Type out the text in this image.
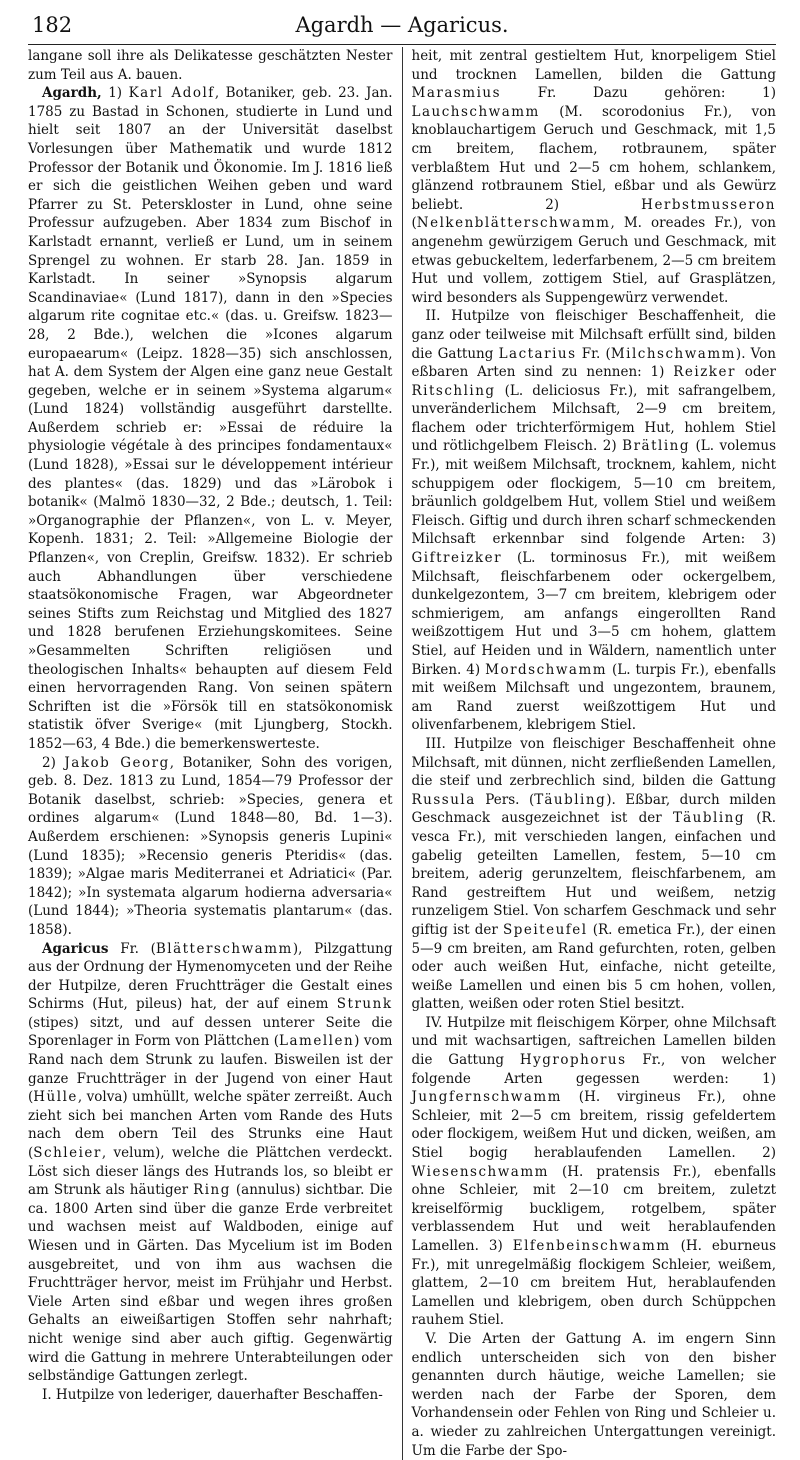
182	Agardh — Agaricus.

langane soll ihre als Delikatesse geschätzten Nester zum Teil aus A. bauen.

Agardh, 1) Karl Adolf, Botaniker, geb. 23. Jan. 1785 zu Bastad in Schonen, studierte in Lund und hielt seit 1807 an der Universität daselbst Vorlesungen über Mathematik und wurde 1812 Professor der Botanik und Ökonomie. Im J. 1816 ließ er sich die geistlichen Weihen geben und ward Pfarrer zu St. Peterskloster in Lund, ohne seine Professur aufzugeben. Aber 1834 zum Bischof in Karlstadt ernannt, verließ er Lund, um in seinem Sprengel zu wohnen. Er starb 28. Jan. 1859 in Karlstadt. In seiner »Synopsis algarum Scandinaviae« (Lund 1817), dann in den »Species algarum rite cognitae etc.« (das. u. Greifsw. 1823—28, 2 Bde.), welchen die »Icones algarum europaearum« (Leipz. 1828—35) sich anschlossen, hat A. dem System der Algen eine ganz neue Gestalt gegeben, welche er in seinem »Systema algarum« (Lund 1824) vollständig ausgeführt darstellte. Außerdem schrieb er: »Essai de réduire la physiologie végétale à des principes fondamentaux« (Lund 1828), »Essai sur le développement intérieur des plantes« (das. 1829) und das »Lärobok i botanik« (Malmö 1830—32, 2 Bde.; deutsch, 1. Teil: »Organographie der Pflanzen«, von L. v. Meyer, Kopenh. 1831; 2. Teil: »Allgemeine Biologie der Pflanzen«, von Creplin, Greifsw. 1832). Er schrieb auch Abhandlungen über verschiedene staatsökonomische Fragen, war Abgeordneter seines Stifts zum Reichstag und Mitglied des 1827 und 1828 berufenen Erziehungskomitees. Seine »Gesammelten Schriften religiösen und theologischen Inhalts« behaupten auf diesem Feld einen hervorragenden Rang. Von seinen spätern Schriften ist die »Försök till en statsökonomisk statistik öfver Sverige« (mit Ljungberg, Stockh. 1852—63, 4 Bde.) die bemerkenswerteste.

2) Jakob Georg, Botaniker, Sohn des vorigen, geb. 8. Dez. 1813 zu Lund, 1854—79 Professor der Botanik daselbst, schrieb: »Species, genera et ordines algarum« (Lund 1848—80, Bd. 1—3). Außerdem erschienen: »Synopsis generis Lupini« (Lund 1835); »Recensio generis Pteridis« (das. 1839); »Algae maris Mediterranei et Adriatici« (Par. 1842); »In systemata algarum hodierna adversaria« (Lund 1844); »Theoria systematis plantarum« (das. 1858).

Agaricus Fr. (Blätterschwamm), Pilzgattung aus der Ordnung der Hymenomyceten und der Reihe der Hutpilze, deren Fruchtträger die Gestalt eines Schirms (Hut, pileus) hat, der auf einem Strunk (stipes) sitzt, und auf dessen unterer Seite die Sporenlager in Form von Plättchen (Lamellen) vom Rand nach dem Strunk zu laufen. Bisweilen ist der ganze Fruchtträger in der Jugend von einer Haut (Hülle, volva) umhüllt, welche später zerreißt. Auch zieht sich bei manchen Arten vom Rande des Huts nach dem obern Teil des Strunks eine Haut (Schleier, velum), welche die Plättchen verdeckt. Löst sich dieser längs des Hutrands los, so bleibt er am Strunk als häutiger Ring (annulus) sichtbar. Die ca. 1800 Arten sind über die ganze Erde verbreitet und wachsen meist auf Waldboden, einige auf Wiesen und in Gärten. Das Mycelium ist im Boden ausgebreitet, und von ihm aus wachsen die Fruchtträger hervor, meist im Frühjahr und Herbst. Viele Arten sind eßbar und wegen ihres großen Gehalts an eiweißartigen Stoffen sehr nahrhaft; nicht wenige sind aber auch giftig. Gegenwärtig wird die Gattung in mehrere Unterabteilungen oder selbständige Gattungen zerlegt.

I. Hutpilze von lederiger, dauerhafter Beschaffen-

heit, mit zentral gestieltem Hut, knorpeligem Stiel und trocknen Lamellen, bilden die Gattung Marasmius Fr. Dazu gehören: 1) Lauchschwamm (M. scorodonius Fr.), von knoblauchartigem Geruch und Geschmack, mit 1,5 cm breitem, flachem, rotbraunem, später verblaßtem Hut und 2—5 cm hohem, schlankem, glänzend rotbraunem Stiel, eßbar und als Gewürz beliebt. 2) Herbstmusseron (Nelkenblätterschwamm, M. oreades Fr.), von angenehm gewürzigem Geruch und Geschmack, mit etwas gebuckeltem, lederfarbenem, 2—5 cm breitem Hut und vollem, zottigem Stiel, auf Grasplätzen, wird besonders als Suppengewürz verwendet.

II. Hutpilze von fleischiger Beschaffenheit, die ganz oder teilweise mit Milchsaft erfüllt sind, bilden die Gattung Lactarius Fr. (Milchschwamm). Von eßbaren Arten sind zu nennen: 1) Reizker oder Ritschling (L. deliciosus Fr.), mit safrangelbem, unveränderlichem Milchsaft, 2—9 cm breitem, flachem oder trichterförmigem Hut, hohlem Stiel und rötlichgelbem Fleisch. 2) Brätling (L. volemus Fr.), mit weißem Milchsaft, trocknem, kahlem, nicht schuppigem oder flockigem, 5—10 cm breitem, bräunlich goldgelbem Hut, vollem Stiel und weißem Fleisch. Giftig und durch ihren scharf schmeckenden Milchsaft erkennbar sind folgende Arten: 3) Giftreizker (L. torminosus Fr.), mit weißem Milchsaft, fleischfarbenem oder ockergelbem, dunkelgezontem, 3—7 cm breitem, klebrigem oder schmierigem, am anfangs eingerollten Rand weißzottigem Hut und 3—5 cm hohem, glattem Stiel, auf Heiden und in Wäldern, namentlich unter Birken. 4) Mordschwamm (L. turpis Fr.), ebenfalls mit weißem Milchsaft und ungezontem, braunem, am Rand zuerst weißzottigem Hut und olivenfarbenem, klebrigem Stiel.

III. Hutpilze von fleischiger Beschaffenheit ohne Milchsaft, mit dünnen, nicht zerfließenden Lamellen, die steif und zerbrechlich sind, bilden die Gattung Russula Pers. (Täubling). Eßbar, durch milden Geschmack ausgezeichnet ist der Täubling (R. vesca Fr.), mit verschieden langen, einfachen und gabelig geteilten Lamellen, festem, 5—10 cm breitem, aderig gerunzeltem, fleischfarbenem, am Rand gestreiftem Hut und weißem, netzig runzeligem Stiel. Von scharfem Geschmack und sehr giftig ist der Speiteufel (R. emetica Fr.), der einen 5—9 cm breiten, am Rand gefurchten, roten, gelben oder auch weißen Hut, einfache, nicht geteilte, weiße Lamellen und einen bis 5 cm hohen, vollen, glatten, weißen oder roten Stiel besitzt.

IV. Hutpilze mit fleischigem Körper, ohne Milchsaft und mit wachsartigen, saftreichen Lamellen bilden die Gattung Hygrophorus Fr., von welcher folgende Arten gegessen werden: 1) Jungfernschwamm (H. virgineus Fr.), ohne Schleier, mit 2—5 cm breitem, rissig gefeldertem oder flockigem, weißem Hut und dicken, weißen, am Stiel bogig herablaufenden Lamellen. 2) Wiesenschwamm (H. pratensis Fr.), ebenfalls ohne Schleier, mit 2—10 cm breitem, zuletzt kreiselförmig buckligem, rotgelbem, später verblassendem Hut und weit herablaufenden Lamellen. 3) Elfenbeinschwamm (H. eburneus Fr.), mit unregelmäßig flockigem Schleier, weißem, glattem, 2—10 cm breitem Hut, herablaufenden Lamellen und klebrigem, oben durch Schüppchen rauhem Stiel.

V. Die Arten der Gattung A. im engern Sinn endlich unterscheiden sich von den bisher genannten durch häutige, weiche Lamellen; sie werden nach der Farbe der Sporen, dem Vorhandensein oder Fehlen von Ring und Schleier u. a. wieder zu zahlreichen Untergattungen vereinigt. Um die Farbe der Spo-
